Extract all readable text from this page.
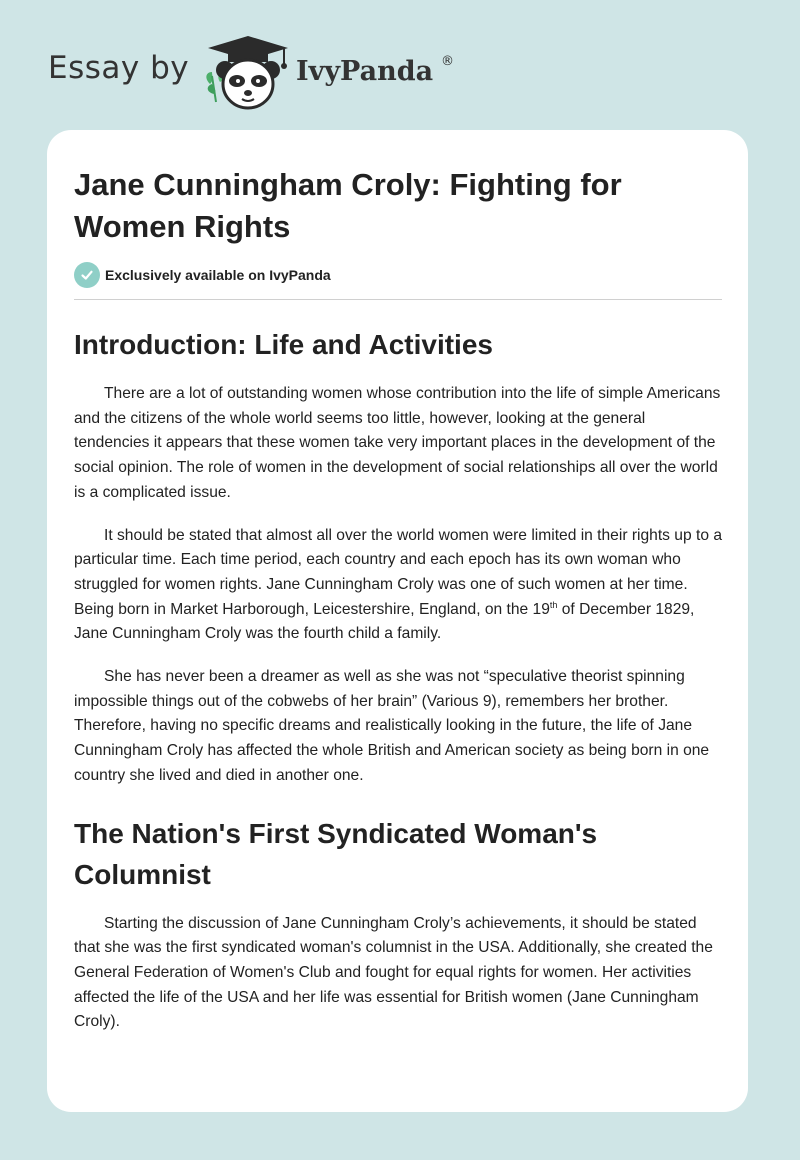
Essay by	IvyPanda ®
Jane Cunningham Croly: Fighting for Women Rights
Exclusively available on IvyPanda
Introduction: Life and Activities

There are a lot of outstanding women whose contribution into the life of simple Americans and the citizens of the whole world seems too little, however, looking at the general tendencies it appears that these women take very important places in the development of the social opinion. The role of women in the development of social relationships all over the world is a complicated issue.

It should be stated that almost all over the world women were limited in their rights up to a particular time. Each time period, each country and each epoch has its own woman who struggled for women rights. Jane Cunningham Croly was one of such women at her time. Being born in Market Harborough, Leicestershire, England, on the 19th of December 1829, Jane Cunningham Croly was the fourth child a family.

She has never been a dreamer as well as she was not “speculative theorist spinning impossible things out of the cobwebs of her brain” (Various 9), remembers her brother. Therefore, having no specific dreams and realistically looking in the future, the life of Jane Cunningham Croly has affected the whole British and American society as being born in one country she lived and died in another one.

The Nation's First Syndicated Woman's Columnist

Starting the discussion of Jane Cunningham Croly’s achievements, it should be stated that she was the first syndicated woman's columnist in the USA. Additionally, she created the General Federation of Women's Club and fought for equal rights for women. Her activities affected the life of the USA and her life was essential for British women (Jane Cunningham Croly).
